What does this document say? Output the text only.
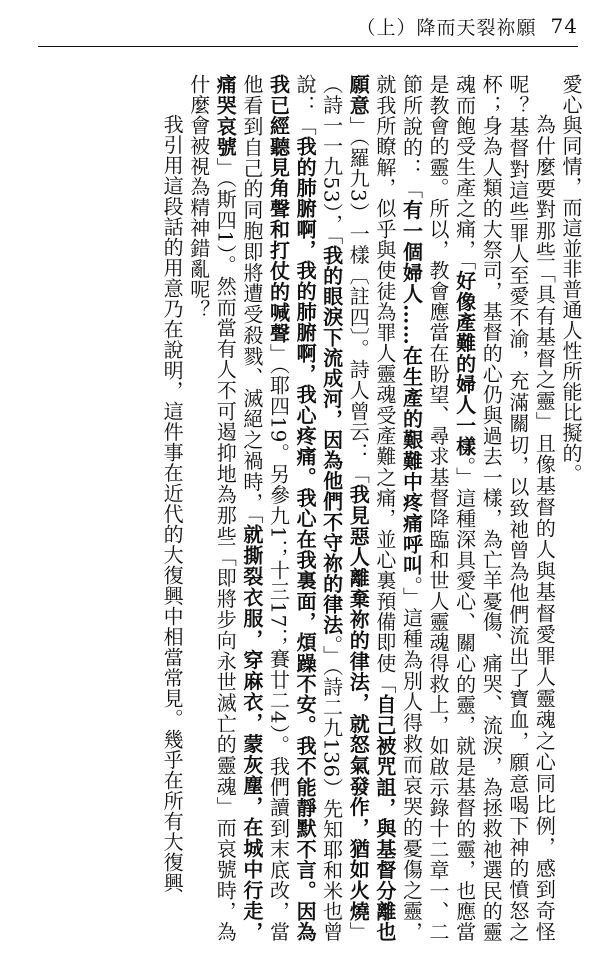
（上）降而天裂祢願 74

愛心與同情，而這並非普通人性所能比擬的。

為什麼要對那些「具有基督之靈」且像基督的人與基督愛罪人靈魂之心同比例，感到奇怪呢？基督對這些罪人至愛不渝，充滿關切，以致祂曾為他們流出了寶血，願意喝下神的憤怒之杯；身為人類的大祭司，基督的心仍與過去一樣，為亡羊憂傷、痛哭、流淚，為拯救祂選民的靈魂而飽受生產之痛，「好像產難的婦人一樣。」這種深具愛心、關心的靈，就是基督的靈，也應當是教會的靈。所以，教會應當在盼望、尋求基督降臨和世人靈魂得救上，如啟示錄十二章一、二節所說的：「有一個婦人……在生產的艱難中疼痛呼叫。」這種為別人得救而哀哭的憂傷之靈，就我所瞭解，似乎與使徒為罪人靈魂受產難之痛，並心裏預備即使「自己被咒詛，與基督分離也願意」（羅九3）一樣〔註四〕。詩人曾云：「我見惡人離棄祢的律法，就怒氣發作，猶如火燒」（詩一一九53），「我的眼淚下流成河，因為他們不守祢的律法。」（詩二九136）先知耶和米也曾說：「我的肺腑啊，我的肺腑啊，我心疼痛。我心在我裏面，煩躁不安。我不能靜默不言。因為我已經聽見角聲和打仗的喊聲」（耶四19。另參九1；十三17；賽廿二4）。我們讀到末底改，當他看到自己的同胞即將遭受殺戮、滅絕之禍時，「就撕裂衣服，穿麻衣，蒙灰塵，在城中行走，痛哭哀號」（斯四1）。然而當有人不可遏抑地為那些「即將步向永世滅亡的靈魂」而哀號時，為什麼會被視為精神錯亂呢？

我引用這段話的用意乃在說明，這件事在近代的大復興中相當常見。幾乎在所有大復興
